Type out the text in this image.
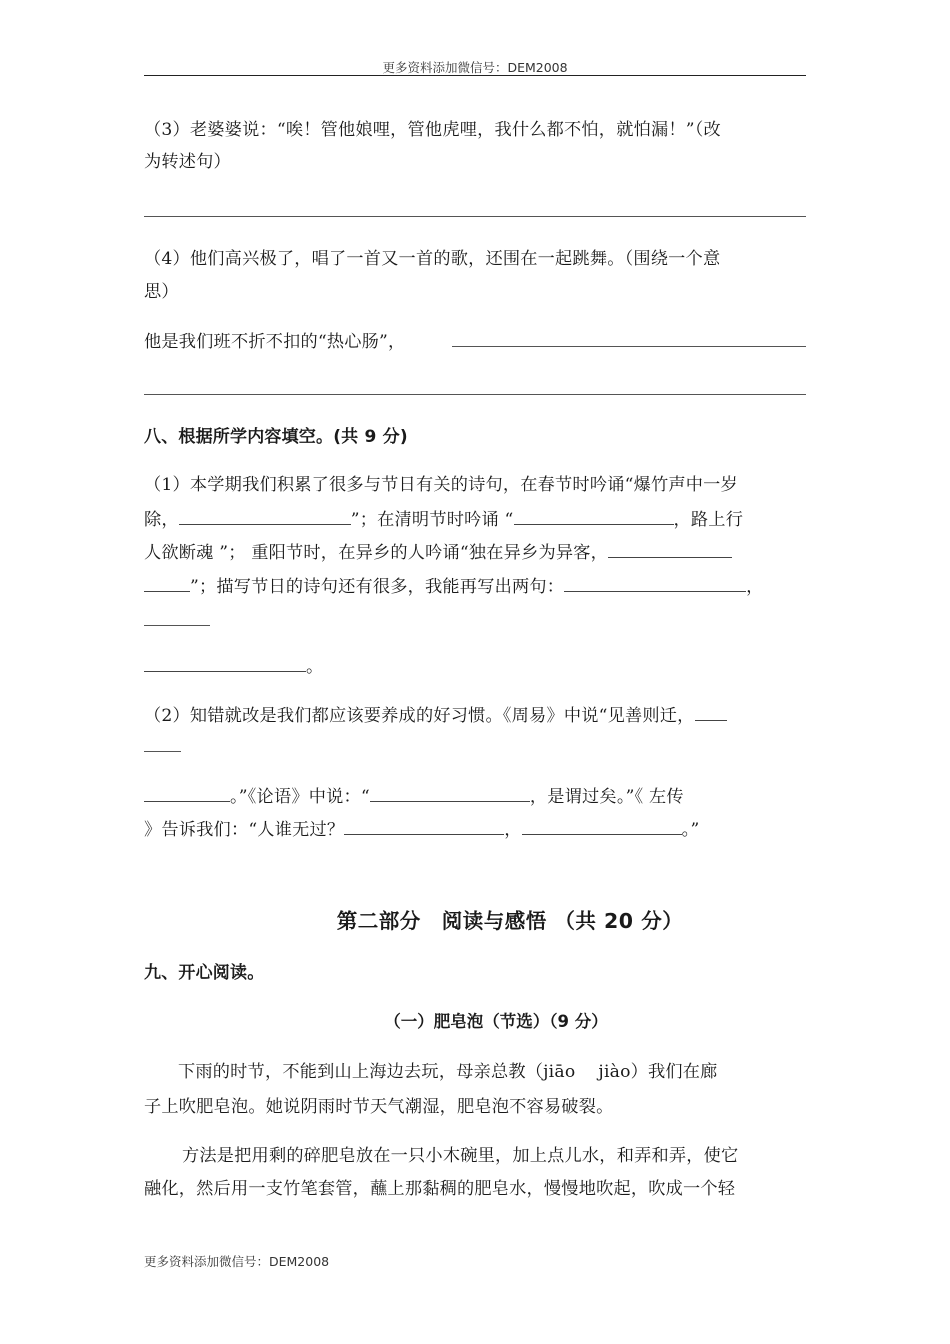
更多资料添加微信号：DEM2008
（3）老婆婆说：“唉！管他娘哩，管他虎哩，我什么都不怕，就怕漏！”（改
为转述句）
（4）他们高兴极了，唱了一首又一首的歌，还围在一起跳舞。（围绕一个意
思）
他是我们班不折不扣的“热心肠”，
八、根据所学内容填空。(共 9 分)
（1）本学期我们积累了很多与节日有关的诗句，在春节时吟诵“爆竹声中一岁
除，	”；在清明节时吟诵 “	，路上行
人欲断魂 ”； 重阳节时，在异乡的人吟诵“独在异乡为异客，
”；描写节日的诗句还有很多，我能再写出两句：	，
。
（2）知错就改是我们都应该要养成的好习惯。《周易》中说“见善则迁，
。”《论语》中说：“	，是谓过矣。”《 左传
》告诉我们：“人谁无过？	，	。”
第二部分　阅读与感悟 （共 20 分）
九、开心阅读。
（一）肥皂泡（节选）（9 分）
下雨的时节，不能到山上海边去玩，母亲总教（jiāo　 jiào）我们在廊
子上吹肥皂泡。她说阴雨时节天气潮湿，肥皂泡不容易破裂。
方法是把用剩的碎肥皂放在一只小木碗里，加上点儿水，和弄和弄，使它
融化，然后用一支竹笔套管，蘸上那黏稠的肥皂水，慢慢地吹起，吹成一个轻
更多资料添加微信号：DEM2008
